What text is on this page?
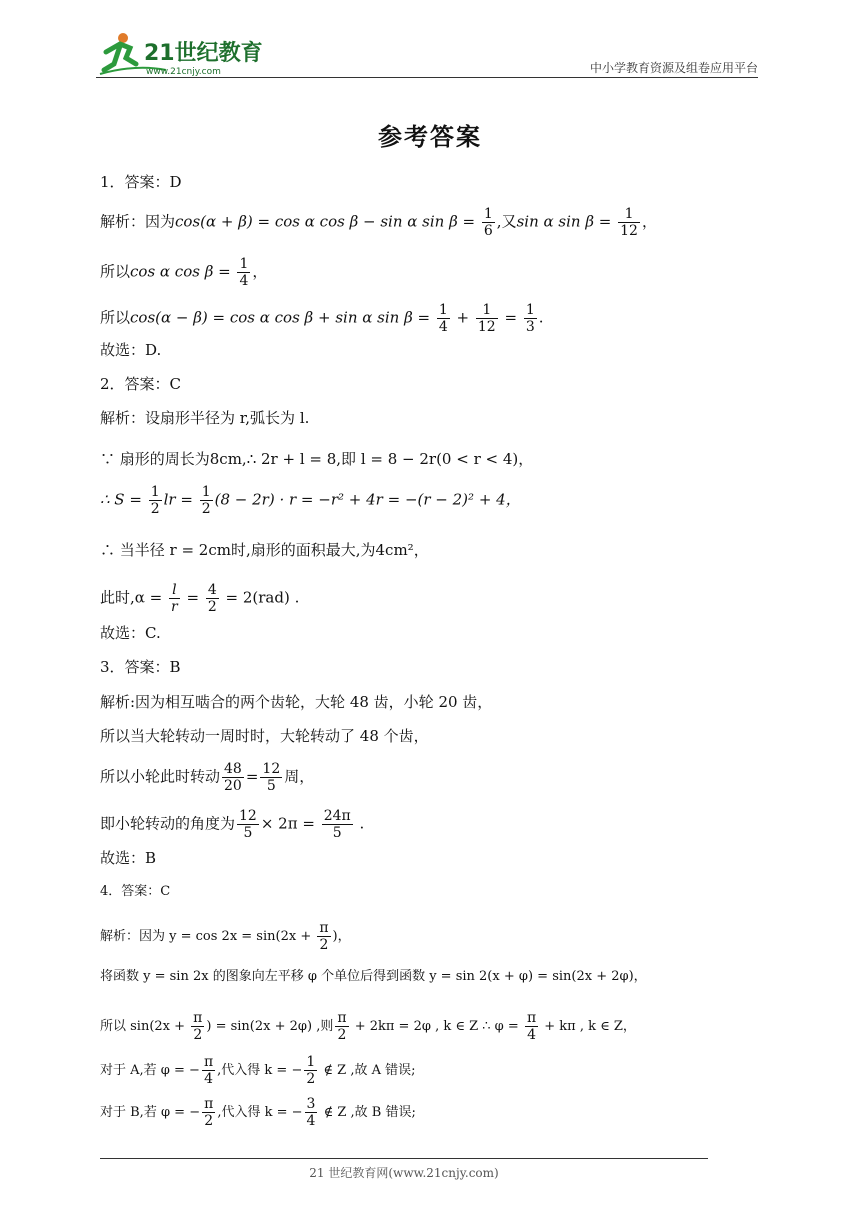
21世纪教育
www.21cnjy.com	中小学教育资源及组卷应用平台
参考答案
1．答案：D
解析：因为cos(α + β) = cos α cos β − sin α $\sin \beta = \frac{1}{6}$ ,又sin α $\sin \beta = \frac{1}{12}$ ，
所以cos α $\cos \beta = \frac{1}{4}$ ，
所以cos(α − β) = cos α cos β + sin α $\sin \beta = \frac{1}{4} + \frac{1}{12} = \frac{1}{3}$ .
故选：D.
2．答案：C
解析：设扇形半径为 r,弧长为 l.
∵ 扇形的周长为8cm,∴ 2r + l = 8,即 l = 8 − 2r(0 < r < 4)，
∴ $S = \frac{1}{2}$ lr = $\frac{1}{2} (8 - 2r) \cdot r = -r^2 + 4r = -(r - 2)^2 + 4$，
∴ 当半径 r = 2cm时,扇形的面积最大,为4cm²，
此时$,\alpha = \frac{l}{r} = \frac{4}{2} = 2(rad)$ .
故选：C.
3．答案：B
解析:因为相互啮合的两个齿轮，大轮 48 齿，小轮 20 齿，
所以当大轮转动一周时时，大轮转动了 48 个齿，
所以小轮此时转动 $\frac{48}{20} = \frac{12}{5}$ 周，
即小轮转动的角度为 $\frac{12}{5} \times 2\pi = \frac{24\pi}{5}$ .
故选：B
4．答案：C
解析：因为 $y = \cos 2x = \sin(2x + \frac{\pi}{2}$ )，
将函数 y = sin 2x 的图象向左平移 φ 个单位后得到函数 y = sin 2(x + φ) = sin(2x + 2φ)，
所以 $\sin(2x + \frac{\pi}{2}$ ) = sin(2x + 2φ) ,则 $\frac{\pi}{2} + 2k\pi = 2\varphi$ , k ∈ Z ∴ $\varphi = \frac{\pi}{4} + k\pi$ , k ∈ Z，
对于 A,若 φ = − $\frac{\pi}{4}$ ,代入得 k = − $\frac{1}{2}$ ∉ Z ,故 A 错误;
对于 B,若 φ = − $\frac{\pi}{2}$ ,代入得 k = − $\frac{3}{4}$ ∉ Z ,故 B 错误;
21 世纪教育网(www.21cnjy.com)
